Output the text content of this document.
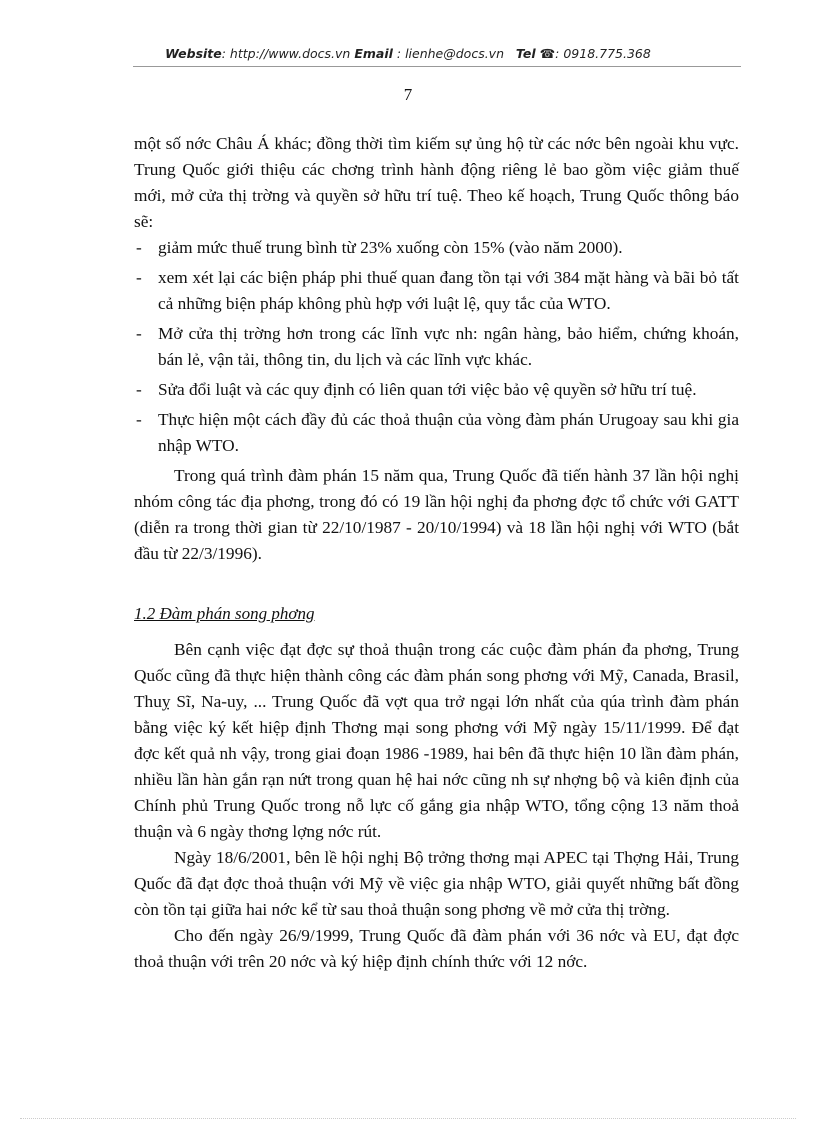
Website: http://www.docs.vn Email : lienhe@docs.vn Tel ☎: 0918.775.368
7

một số nớc Châu Á khác; đồng thời tìm kiếm sự ủng hộ từ các nớc bên ngoài khu vực. Trung Quốc giới thiệu các chơng trình hành động riêng lẻ bao gồm việc giảm thuế mới, mở cửa thị trờng và quyền sở hữu trí tuệ. Theo kế hoạch, Trung Quốc thông báo sẽ:

- giảm mức thuế trung bình từ 23% xuống còn 15% (vào năm 2000).
- xem xét lại các biện pháp phi thuế quan đang tồn tại với 384 mặt hàng và bãi bỏ tất cả những biện pháp không phù hợp với luật lệ, quy tắc của WTO.
- Mở cửa thị trờng hơn trong các lĩnh vực nh: ngân hàng, bảo hiểm, chứng khoán, bán lẻ, vận tải, thông tin, du lịch và các lĩnh vực khác.
- Sửa đổi luật và các quy định có liên quan tới việc bảo vệ quyền sở hữu trí tuệ.
- Thực hiện một cách đầy đủ các thoả thuận của vòng đàm phán Urugoay sau khi gia nhập WTO.

Trong quá trình đàm phán 15 năm qua, Trung Quốc đã tiến hành 37 lần hội nghị nhóm công tác địa phơng, trong đó có 19 lần hội nghị đa phơng đợc tổ chức với GATT (diễn ra trong thời gian từ 22/10/1987 - 20/10/1994) và 18 lần hội nghị với WTO (bắt đầu từ 22/3/1996).

1.2 Đàm phán song phơng

Bên cạnh việc đạt đợc sự thoả thuận trong các cuộc đàm phán đa phơng, Trung Quốc cũng đã thực hiện thành công các đàm phán song phơng với Mỹ, Canada, Brasil, Thuỵ Sĩ, Na-uy, ... Trung Quốc đã vợt qua trở ngại lớn nhất của qúa trình đàm phán bằng việc ký kết hiệp định Thơng mại song phơng với Mỹ ngày 15/11/1999. Để đạt đợc kết quả nh vậy, trong giai đoạn 1986 -1989, hai bên đã thực hiện 10 lần đàm phán, nhiều lần hàn gắn rạn nứt trong quan hệ hai nớc cũng nh sự nhợng bộ và kiên định của Chính phủ Trung Quốc trong nỗ lực cố gắng gia nhập WTO, tổng cộng 13 năm thoả thuận và 6 ngày thơng lợng nớc rút.

Ngày 18/6/2001, bên lề hội nghị Bộ trởng thơng mại APEC tại Thợng Hải, Trung Quốc đã đạt đợc thoả thuận với Mỹ về việc gia nhập WTO, giải quyết những bất đồng còn tồn tại giữa hai nớc kể từ sau thoả thuận song phơng về mở cửa thị trờng.

Cho đến ngày 26/9/1999, Trung Quốc đã đàm phán với 36 nớc và EU, đạt đợc thoả thuận với trên 20 nớc và ký hiệp định chính thức với 12 nớc.
